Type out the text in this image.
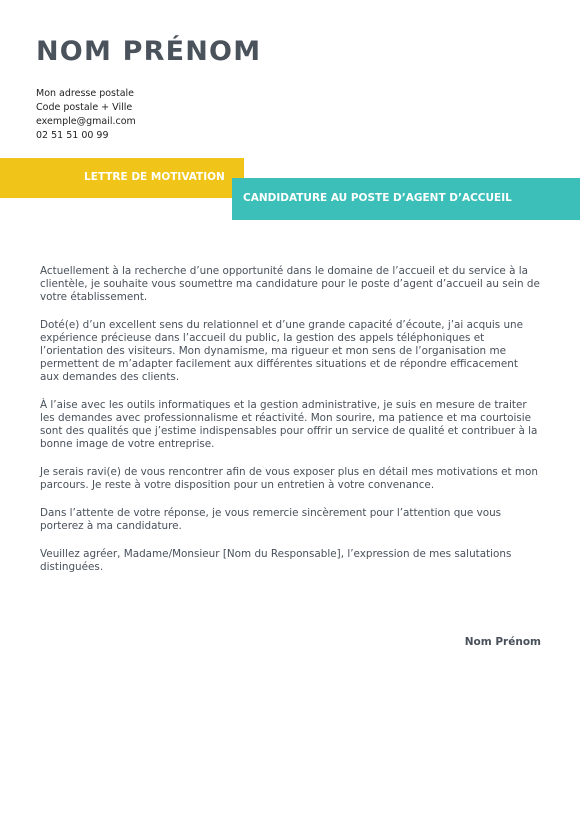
NOM PRÉNOM
Mon adresse postale
Code postale + Ville
exemple@gmail.com
02 51 51 00 99
LETTRE DE MOTIVATION
CANDIDATURE AU POSTE D’AGENT D’ACCUEIL

Actuellement à la recherche d’une opportunité dans le domaine de l’accueil et du service à la clientèle, je souhaite vous soumettre ma candidature pour le poste d’agent d’accueil au sein de votre établissement.

Doté(e) d’un excellent sens du relationnel et d’une grande capacité d’écoute, j’ai acquis une expérience précieuse dans l’accueil du public, la gestion des appels téléphoniques et l’orientation des visiteurs. Mon dynamisme, ma rigueur et mon sens de l’organisation me permettent de m’adapter facilement aux différentes situations et de répondre efficacement aux demandes des clients.

À l’aise avec les outils informatiques et la gestion administrative, je suis en mesure de traiter les demandes avec professionnalisme et réactivité. Mon sourire, ma patience et ma courtoisie sont des qualités que j’estime indispensables pour offrir un service de qualité et contribuer à la bonne image de votre entreprise.

Je serais ravi(e) de vous rencontrer afin de vous exposer plus en détail mes motivations et mon parcours. Je reste à votre disposition pour un entretien à votre convenance.

Dans l’attente de votre réponse, je vous remercie sincèrement pour l’attention que vous porterez à ma candidature.

Veuillez agréer, Madame/Monsieur [Nom du Responsable], l’expression de mes salutations distinguées.

Nom Prénom
